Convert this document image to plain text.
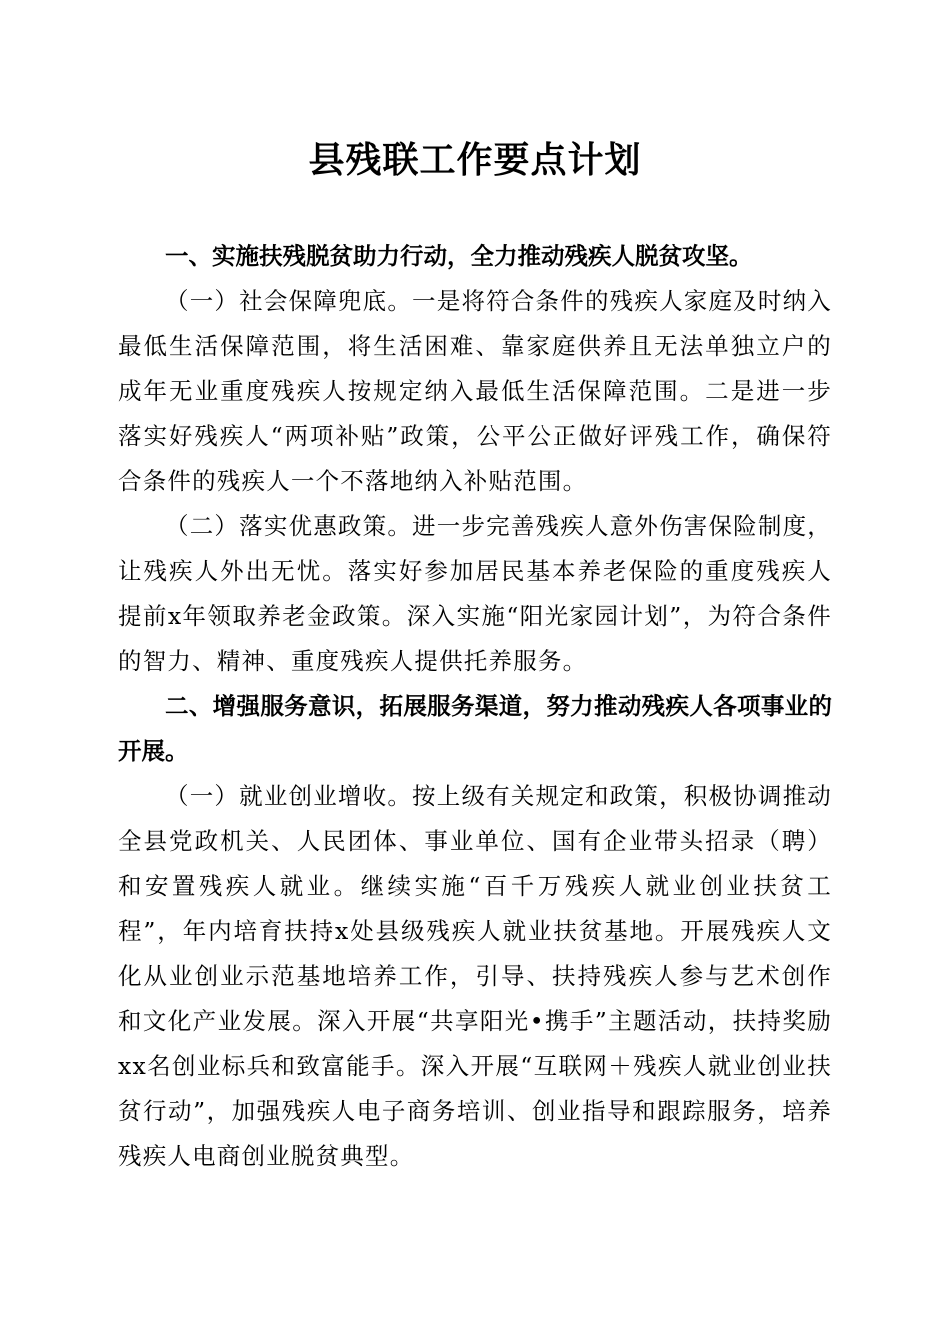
县残联工作要点计划

一、实施扶残脱贫助力行动，全力推动残疾人脱贫攻坚。

（一）社会保障兜底。一是将符合条件的残疾人家庭及时纳入最低生活保障范围，将生活困难、靠家庭供养且无法单独立户的成年无业重度残疾人按规定纳入最低生活保障范围。二是进一步落实好残疾人“两项补贴”政策，公平公正做好评残工作，确保符合条件的残疾人一个不落地纳入补贴范围。

（二）落实优惠政策。进一步完善残疾人意外伤害保险制度，让残疾人外出无忧。落实好参加居民基本养老保险的重度残疾人提前x年领取养老金政策。深入实施“阳光家园计划”，为符合条件的智力、精神、重度残疾人提供托养服务。

二、增强服务意识，拓展服务渠道，努力推动残疾人各项事业的开展。

（一）就业创业增收。按上级有关规定和政策，积极协调推动全县党政机关、人民团体、事业单位、国有企业带头招录（聘）和安置残疾人就业。继续实施“百千万残疾人就业创业扶贫工程”，年内培育扶持x处县级残疾人就业扶贫基地。开展残疾人文化从业创业示范基地培养工作，引导、扶持残疾人参与艺术创作和文化产业发展。深入开展“共享阳光•携手”主题活动，扶持奖励xx名创业标兵和致富能手。深入开展“互联网＋残疾人就业创业扶贫行动”，加强残疾人电子商务培训、创业指导和跟踪服务，培养残疾人电商创业脱贫典型。
